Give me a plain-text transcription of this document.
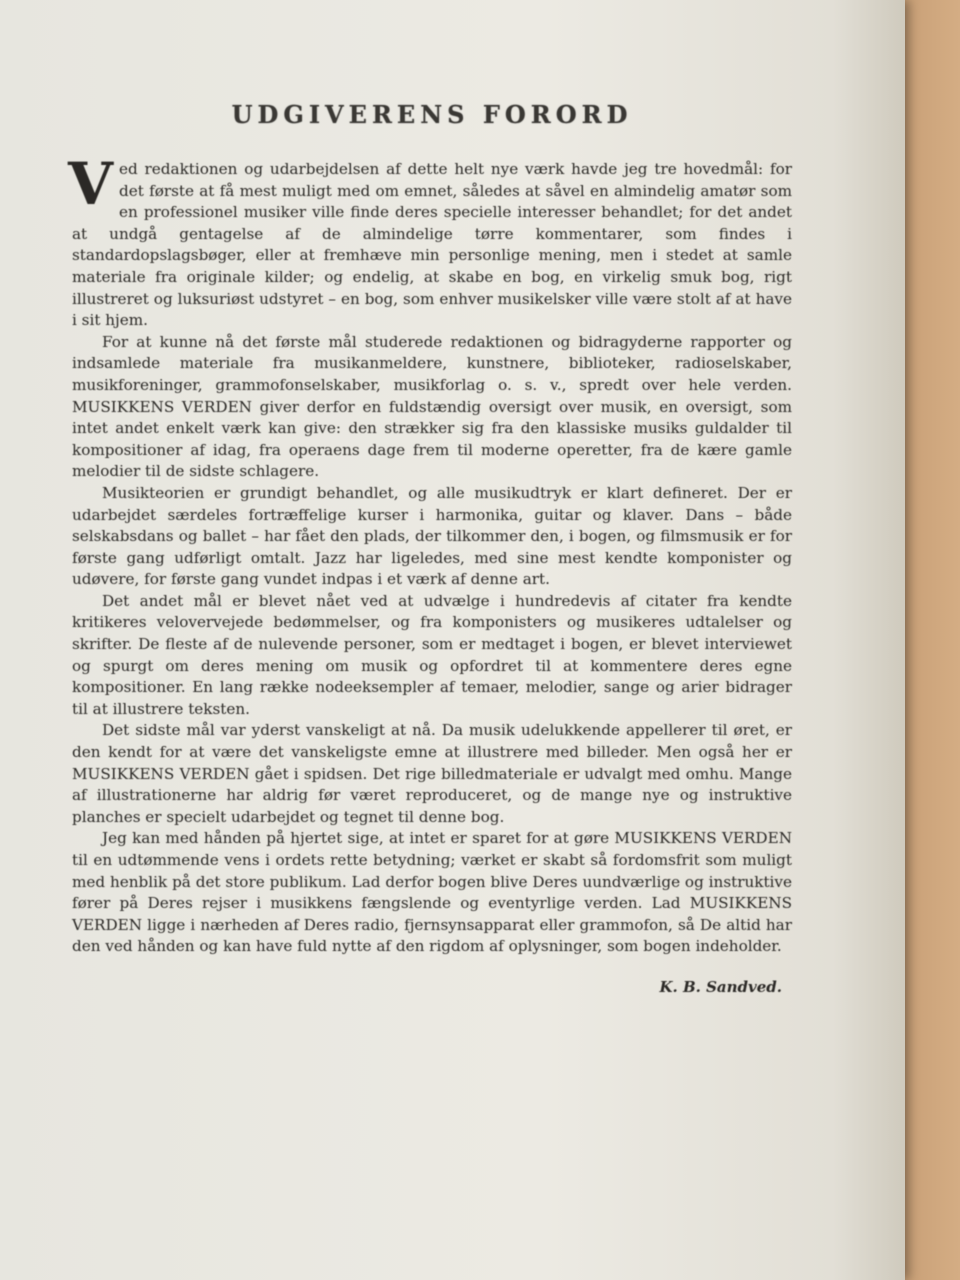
UDGIVERENS FORORD

Ved redaktionen og udarbejdelsen af dette helt nye værk havde jeg tre hovedmål: for det første at få mest muligt med om emnet, således at såvel en almindelig amatør som en professionel musiker ville finde deres specielle interesser behandlet; for det andet at undgå gentagelse af de almindelige tørre kommentarer, som findes i standardopslagsbøger, eller at fremhæve min personlige mening, men i stedet at samle materiale fra originale kilder; og endelig, at skabe en bog, en virkelig smuk bog, rigt illustreret og luksuriøst udstyret – en bog, som enhver musikelsker ville være stolt af at have i sit hjem.

For at kunne nå det første mål studerede redaktionen og bidragyderne rapporter og indsamlede materiale fra musikanmeldere, kunstnere, biblioteker, radioselskaber, musikforeninger, grammofonselskaber, musikforlag o. s. v., spredt over hele verden. MUSIKKENS VERDEN giver derfor en fuldstændig oversigt over musik, en oversigt, som intet andet enkelt værk kan give: den strækker sig fra den klassiske musiks guldalder til kompositioner af idag, fra operaens dage frem til moderne operetter, fra de kære gamle melodier til de sidste schlagere.

Musikteorien er grundigt behandlet, og alle musikudtryk er klart defineret. Der er udarbejdet særdeles fortræffelige kurser i harmonika, guitar og klaver. Dans – både selskabsdans og ballet – har fået den plads, der tilkommer den, i bogen, og filmsmusik er for første gang udførligt omtalt. Jazz har ligeledes, med sine mest kendte komponister og udøvere, for første gang vundet indpas i et værk af denne art.

Det andet mål er blevet nået ved at udvælge i hundredevis af citater fra kendte kritikeres velovervejede bedømmelser, og fra komponisters og musikeres udtalelser og skrifter. De fleste af de nulevende personer, som er medtaget i bogen, er blevet interviewet og spurgt om deres mening om musik og opfordret til at kommentere deres egne kompositioner. En lang række nodeeksempler af temaer, melodier, sange og arier bidrager til at illustrere teksten.

Det sidste mål var yderst vanskeligt at nå. Da musik udelukkende appellerer til øret, er den kendt for at være det vanskeligste emne at illustrere med billeder. Men også her er MUSIKKENS VERDEN gået i spidsen. Det rige billedmateriale er udvalgt med omhu. Mange af illustrationerne har aldrig før været reproduceret, og de mange nye og instruktive planches er specielt udarbejdet og tegnet til denne bog.

Jeg kan med hånden på hjertet sige, at intet er sparet for at gøre MUSIKKENS VERDEN til en udtømmende vens i ordets rette betydning; værket er skabt så fordomsfrit som muligt med henblik på det store publikum. Lad derfor bogen blive Deres uundværlige og instruktive fører på Deres rejser i musikkens fængslende og eventyrlige verden. Lad MUSIKKENS VERDEN ligge i nærheden af Deres radio, fjernsynsapparat eller grammofon, så De altid har den ved hånden og kan have fuld nytte af den rigdom af oplysninger, som bogen indeholder.

K. B. Sandved.
